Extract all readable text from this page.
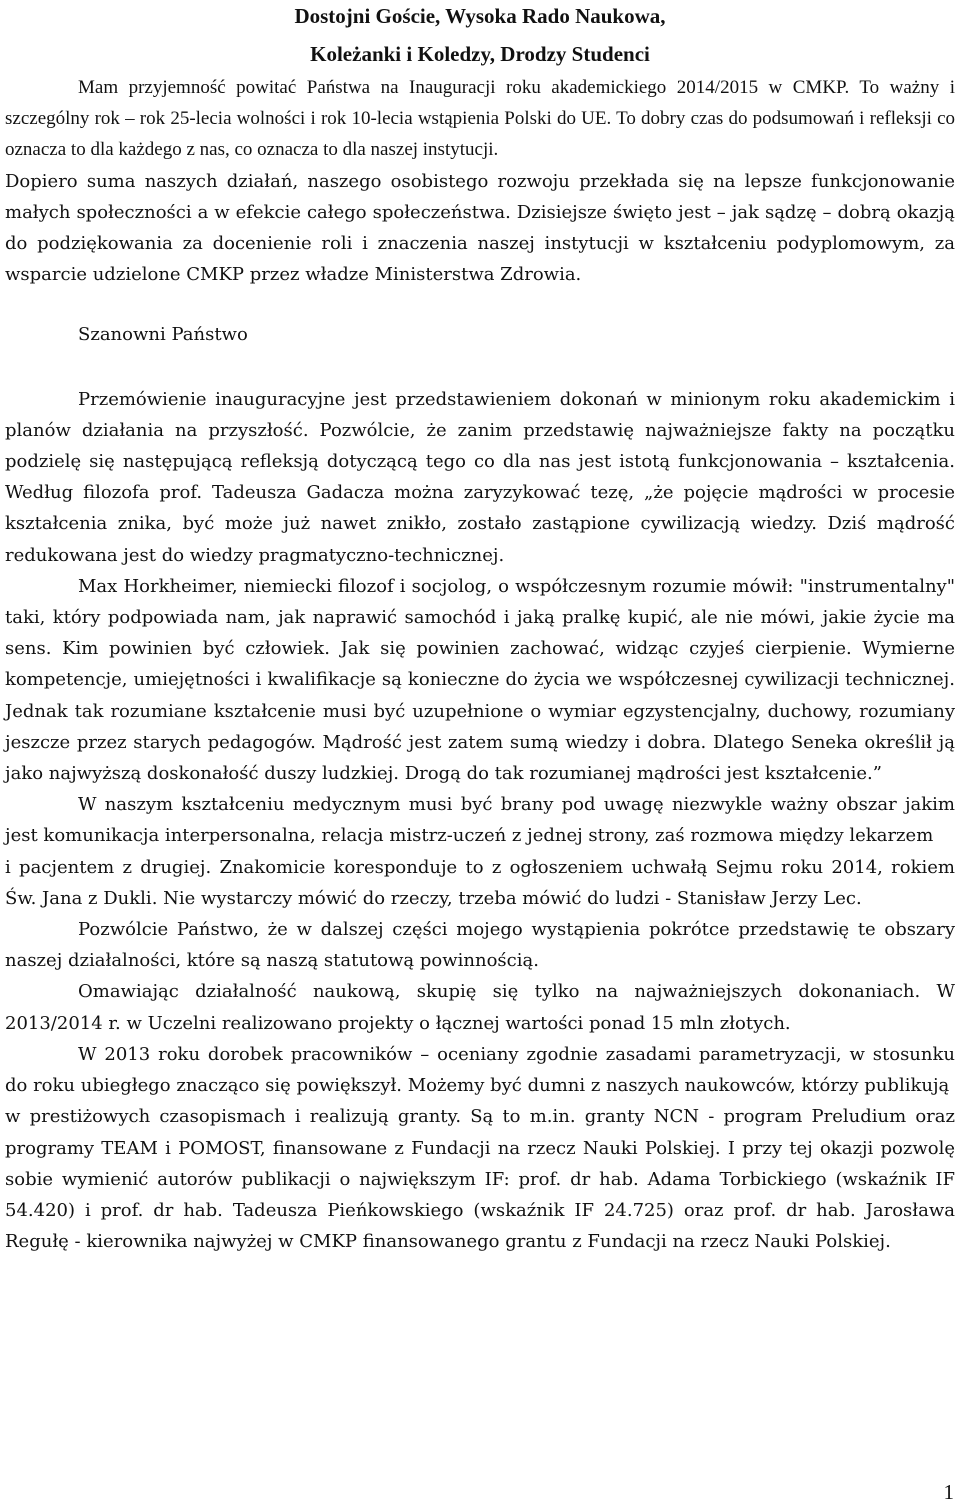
Dostojni Goście, Wysoka Rado Naukowa,
Koleżanki i Koledzy, Drodzy Studenci

Mam przyjemność powitać Państwa na Inauguracji roku akademickiego 2014/2015 w CMKP. To ważny i szczególny rok – rok 25-lecia wolności i rok 10-lecia wstąpienia Polski do UE. To dobry czas do podsumowań i refleksji co oznacza to dla każdego z nas, co oznacza to dla naszej instytucji.

Dopiero suma naszych działań, naszego osobistego rozwoju przekłada się na lepsze funkcjonowanie małych społeczności a w efekcie całego społeczeństwa. Dzisiejsze święto jest – jak sądzę – dobrą okazją do podziękowania za docenienie roli i znaczenia naszej instytucji w kształceniu podyplomowym, za wsparcie udzielone CMKP przez władze Ministerstwa Zdrowia.

Szanowni Państwo

Przemówienie inauguracyjne jest przedstawieniem dokonań w minionym roku akademickim i planów działania na przyszłość. Pozwólcie, że zanim przedstawię najważniejsze fakty na początku podzielę się następującą refleksją dotyczącą tego co dla nas jest istotą funkcjonowania – kształcenia. Według filozofa prof. Tadeusza Gadacza można zaryzykować tezę, „że pojęcie mądrości w procesie kształcenia znika, być może już nawet znikło, zostało zastąpione cywilizacją wiedzy. Dziś mądrość redukowana jest do wiedzy pragmatyczno-technicznej.

Max Horkheimer, niemiecki filozof i socjolog, o współczesnym rozumie mówił: "instrumentalny" taki, który podpowiada nam, jak naprawić samochód i jaką pralkę kupić, ale nie mówi, jakie życie ma sens. Kim powinien być człowiek. Jak się powinien zachować, widząc czyjeś cierpienie. Wymierne kompetencje, umiejętności i kwalifikacje są konieczne do życia we współczesnej cywilizacji technicznej. Jednak tak rozumiane kształcenie musi być uzupełnione o wymiar egzystencjalny, duchowy, rozumiany jeszcze przez starych pedagogów. Mądrość jest zatem sumą wiedzy i dobra. Dlatego Seneka określił ją jako najwyższą doskonałość duszy ludzkiej. Drogą do tak rozumianej mądrości jest kształcenie.”

W naszym kształceniu medycznym musi być brany pod uwagę niezwykle ważny obszar jakim jest komunikacja interpersonalna, relacja mistrz-uczeń z jednej strony, zaś rozmowa między lekarzem

i pacjentem z drugiej. Znakomicie koresponduje to z ogłoszeniem uchwałą Sejmu roku 2014, rokiem Św. Jana z Dukli. Nie wystarczy mówić do rzeczy, trzeba mówić do ludzi - Stanisław Jerzy Lec.

Pozwólcie Państwo, że w dalszej części mojego wystąpienia pokrótce przedstawię te obszary naszej działalności, które są naszą statutową powinnością.

Omawiając działalność naukową, skupię się tylko na najważniejszych dokonaniach. W 2013/2014 r. w Uczelni realizowano projekty o łącznej wartości ponad 15 mln złotych.

W 2013 roku dorobek pracowników – oceniany zgodnie zasadami parametryzacji, w stosunku do roku ubiegłego znacząco się powiększył. Możemy być dumni z naszych naukowców, którzy publikują

w prestiżowych czasopismach i realizują granty. Są to m.in. granty NCN - program Preludium oraz programy TEAM i POMOST, finansowane z Fundacji na rzecz Nauki Polskiej. I przy tej okazji pozwolę sobie wymienić autorów publikacji o największym IF: prof. dr hab. Adama Torbickiego (wskaźnik IF 54.420) i prof. dr hab. Tadeusza Pieńkowskiego (wskaźnik IF 24.725) oraz prof. dr hab. Jarosława Regułę - kierownika najwyżej w CMKP finansowanego grantu z Fundacji na rzecz Nauki Polskiej.

1
